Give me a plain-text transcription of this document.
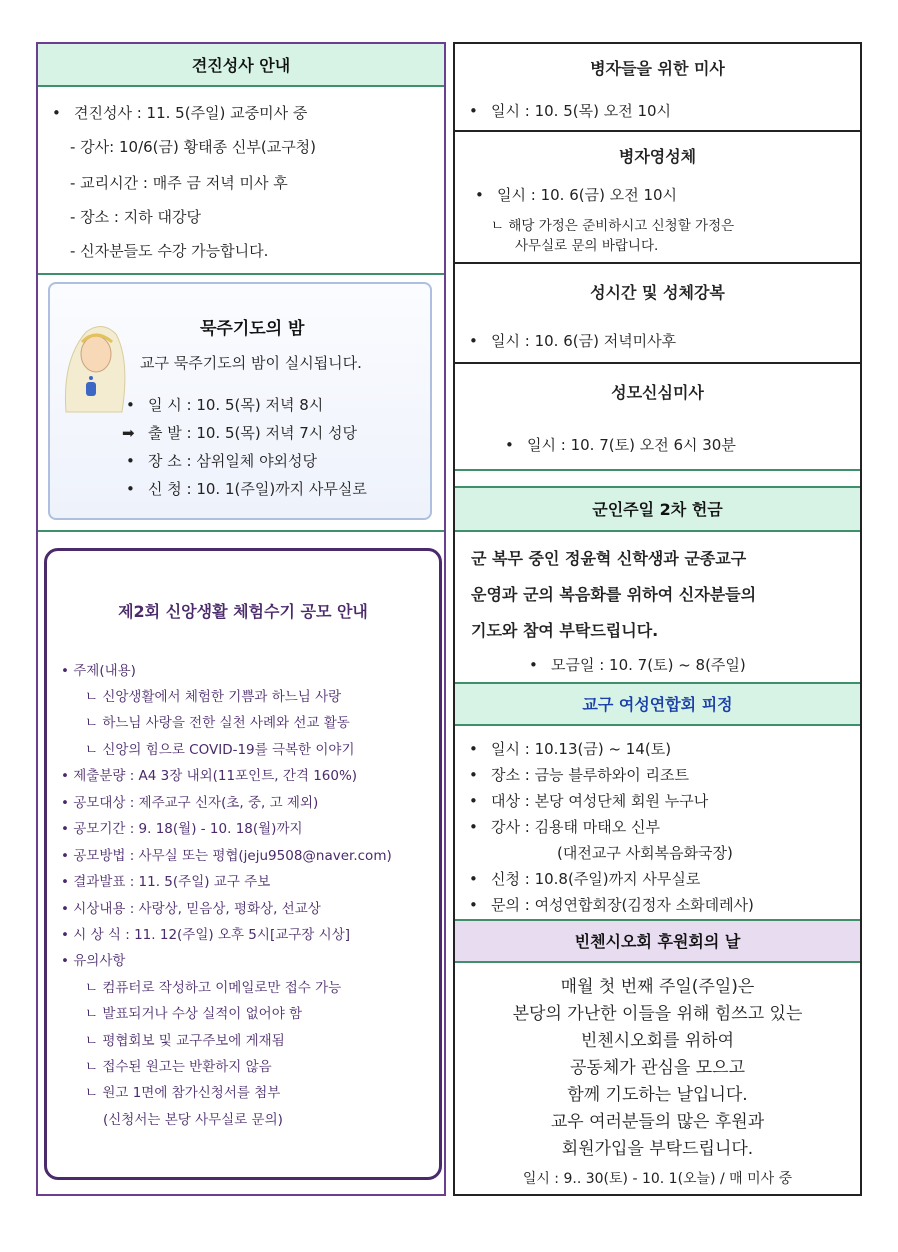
견진성사 안내
• 견진성사 : 11. 5(주일) 교중미사 중
- 강사: 10/6(금) 황태종 신부(교구청)
- 교리시간 : 매주 금 저녁 미사 후
- 장소 : 지하 대강당
- 신자분들도 수강 가능합니다.
묵주기도의 밤
교구 묵주기도의 밤이 실시됩니다.
• 일 시 : 10. 5(목) 저녁 8시
➡ 출 발 : 10. 5(목) 저녁 7시 성당
• 장 소 : 삼위일체 야외성당
• 신 청 : 10. 1(주일)까지 사무실로
제2회 신앙생활 체험수기 공모 안내
• 주제(내용)
ㄴ 신앙생활에서 체험한 기쁨과 하느님 사랑
ㄴ 하느님 사랑을 전한 실천 사례와 선교 활동
ㄴ 신앙의 힘으로 COVID-19를 극복한 이야기
• 제출분량 : A4 3장 내외(11포인트, 간격 160%)
• 공모대상 : 제주교구 신자(초, 중, 고 제외)
• 공모기간 : 9. 18(월) - 10. 18(월)까지
• 공모방법 : 사무실 또는 평협(jeju9508@naver.com)
• 결과발표 : 11. 5(주일) 교구 주보
• 시상내용 : 사랑상, 믿음상, 평화상, 선교상
• 시 상 식 : 11. 12(주일) 오후 5시[교구장 시상]
• 유의사항
ㄴ 컴퓨터로 작성하고 이메일로만 접수 가능
ㄴ 발표되거나 수상 실적이 없어야 함
ㄴ 평협회보 및 교구주보에 게재됨
ㄴ 접수된 원고는 반환하지 않음
ㄴ 원고 1면에 참가신청서를 첨부
(신청서는 본당 사무실로 문의)
병자들을 위한 미사
• 일시 : 10. 5(목) 오전 10시
병자영성체
• 일시 : 10. 6(금) 오전 10시
ㄴ 해당 가정은 준비하시고 신청할 가정은
사무실로 문의 바랍니다.
성시간 및 성체강복
• 일시 : 10. 6(금) 저녁미사후
성모신심미사
• 일시 : 10. 7(토) 오전 6시 30분
군인주일 2차 헌금
군 복무 중인 정윤혁 신학생과 군종교구
운영과 군의 복음화를 위하여 신자분들의
기도와 참여 부탁드립니다.
• 모금일 : 10. 7(토) ~ 8(주일)
교구 여성연합회 피정
• 일시 : 10.13(금) ~ 14(토)
• 장소 : 금능 블루하와이 리조트
• 대상 : 본당 여성단체 회원 누구나
• 강사 : 김용태 마태오 신부
(대전교구 사회복음화국장)
• 신청 : 10.8(주일)까지 사무실로
• 문의 : 여성연합회장(김정자 소화데레사)
빈첸시오회 후원회의 날
매월 첫 번째 주일(주일)은
본당의 가난한 이들을 위해 힘쓰고 있는
빈첸시오회를 위하여
공동체가 관심을 모으고
함께 기도하는 날입니다.
교우 여러분들의 많은 후원과
회원가입을 부탁드립니다.
일시 : 9.. 30(토) - 10. 1(오늘) / 매 미사 중
